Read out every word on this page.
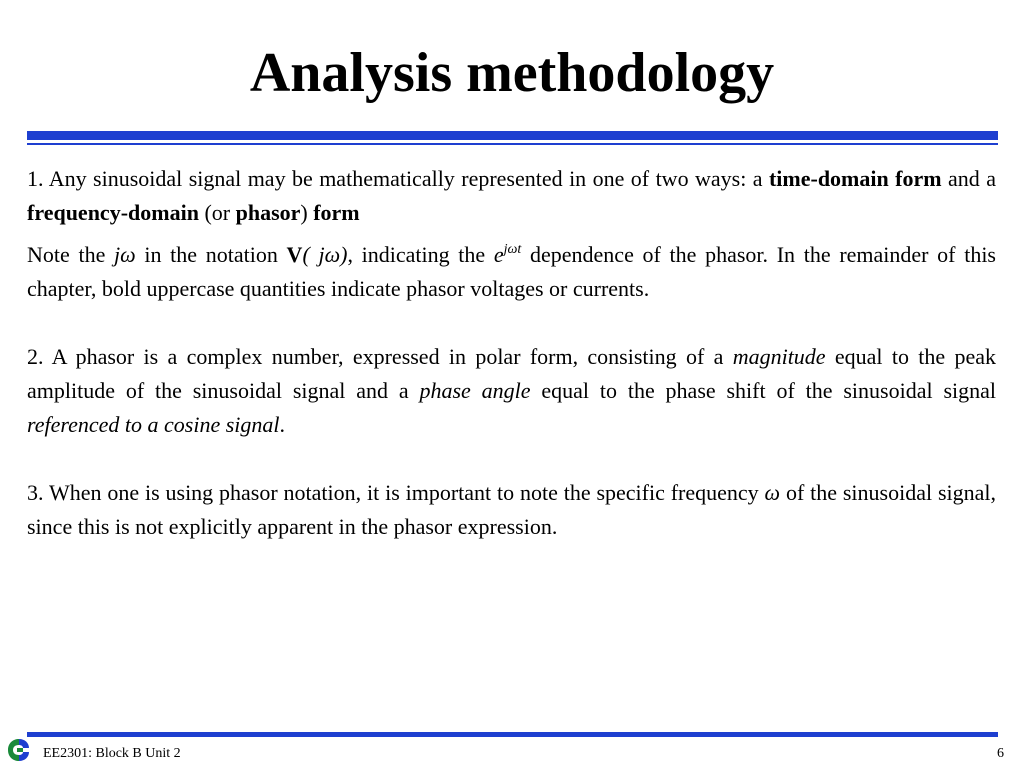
Analysis methodology

1. Any sinusoidal signal may be mathematically represented in one of two ways: a time-domain form and a frequency-domain (or phasor) form

Note the jω in the notation V( jω), indicating the $e^{j\omega t}$ dependence of the phasor. In the remainder of this chapter, bold uppercase quantities indicate phasor voltages or currents.

2. A phasor is a complex number, expressed in polar form, consisting of a magnitude equal to the peak amplitude of the sinusoidal signal and a phase angle equal to the phase shift of the sinusoidal signal referenced to a cosine signal.

3. When one is using phasor notation, it is important to note the specific frequency ω of the sinusoidal signal, since this is not explicitly apparent in the phasor expression.

EE2301: Block B Unit 2	6
